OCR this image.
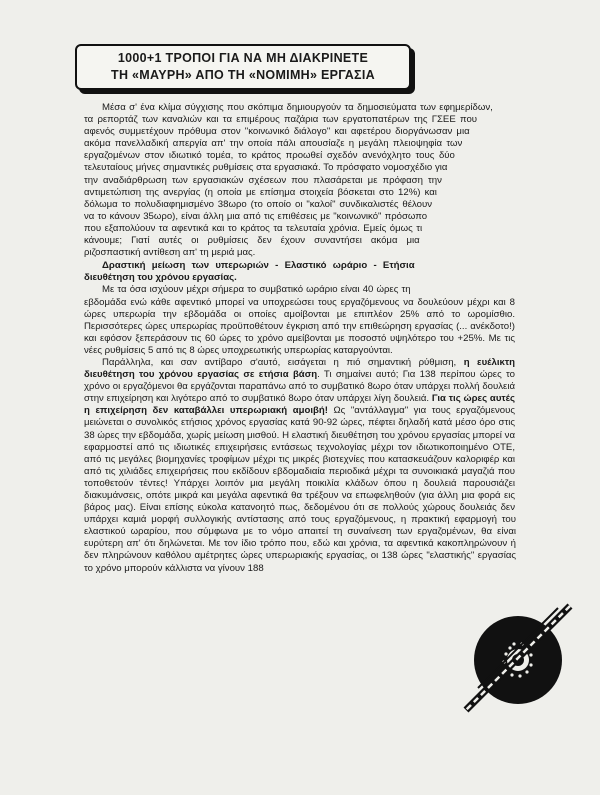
1000+1 ΤΡΟΠΟΙ ΓΙΑ ΝΑ ΜΗ ΔΙΑΚΡΙΝΕΤΕ
ΤΗ «ΜΑΥΡΗ» ΑΠΟ ΤΗ «ΝΟΜΙΜΗ» ΕΡΓΑΣΙΑ

Μέσα σ' ένα κλίμα σύγχισης που σκόπιμα δημιουργούν τα δημοσιεύματα των εφημερίδων, τα ρεπορτάζ των καναλιών και τα επιμέρους παζάρια των εργατοπατέρων της ΓΣΕΕ που αφενός συμμετέχουν πρόθυμα στον "κοινωνικό διάλογο" και αφετέρου διοργάνωσαν μια ακόμα πανελλαδική απεργία απ' την οποία πάλι απουσίαζε η μεγάλη πλειοψηφία των εργαζομένων στον ιδιωτικό τομέα, το κράτος προωθεί σχεδόν ανενόχλητο τους δύο τελευταίους μήνες σημαντικές ρυθμίσεις στα εργασιακά. Το πρόσφατο νομοσχέδιο για την αναδιάρθρωση των εργασιακών σχέσεων που πλασάρεται με πρόφαση την αντιμετώπιση της ανεργίας (η οποία με επίσημα στοιχεία βόσκεται στο 12%) και δόλωμα το πολυδιαφημισμένο 38ωρο (το οποίο οι "καλοί" συνδικαλιστές θέλουν να το κάνουν 35ωρο), είναι άλλη μια από τις επιθέσεις με "κοινωνικό" πρόσωπο που εξαπολύουν τα αφεντικά και το κράτος τα τελευταία χρόνια. Εμείς όμως τι κάνουμε; Γιατί αυτές οι ρυθμίσεις δεν έχουν συναντήσει ακόμα μια ριζοσπαστική αντίθεση απ' τη μεριά μας.

Δραστική μείωση των υπερωριών - Ελαστικό ωράριο - Ετήσια διευθέτηση του χρόνου εργασίας.

Με τα όσα ισχύουν μέχρι σήμερα το συμβατικό ωράριο είναι 40 ώρες τη εβδομάδα ενώ κάθε αφεντικό μπορεί να υποχρεώσει τους εργαζόμενους να δουλεύουν μέχρι και 8 ώρες υπερωρία την εβδομάδα οι οποίες αμοίβονται με επιπλέον 25% από το ωρομίσθιο. Περισσότερες ώρες υπερωρίας προϋποθέτουν έγκριση από την επιθεώρηση εργασίας (... ανέκδοτο!) και εφόσον ξεπεράσουν τις 60 ώρες το χρόνο αμείβονται με ποσοστό υψηλότερο του +25%. Με τις νέες ρυθμίσεις 5 από τις 8 ώρες υποχρεωτικής υπερωρίας καταργούνται.

Παράλληλα, και σαν αντίβαρο σ'αυτό, εισάγεται η πιό σημαντική ρύθμιση, η ευέλικτη διευθέτηση του χρόνου εργασίας σε ετήσια βάση. Τι σημαίνει αυτό; Για 138 περίπου ώρες το χρόνο οι εργαζόμενοι θα εργάζονται παραπάνω από το συμβατικό 8ωρο όταν υπάρχει πολλή δουλειά στην επιχείρηση και λιγότερο από το συμβατικό 8ωρο όταν υπάρχει λίγη δουλειά. Για τις ώρες αυτές η επιχείρηση δεν καταβάλλει υπερωριακή αμοιβή! Ως "αντάλλαγμα" για τους εργαζόμενους μειώνεται ο συνολικός ετήσιος χρόνος εργασίας κατά 90-92 ώρες, πέφτει δηλαδή κατά μέσο όρο στις 38 ώρες την εβδομάδα, χωρίς μείωση μισθού. Η ελαστική διευθέτηση του χρόνου εργασίας μπορεί να εφαρμοστεί από τις ιδιωτικές επιχειρήσεις εντάσεως τεχνολογίας μέχρι τον ιδιωτικοποιημένο ΟΤΕ, από τις μεγάλες βιομηχανίες τροφίμων μέχρι τις μικρές βιοτεχνίες που κατασκευάζουν καλοριφέρ και από τις χιλιάδες επιχειρήσεις που εκδίδουν εβδομαδιαία περιοδικά μέχρι τα συνοικιακά μαγαζιά που τοποθετούν τέντες! Υπάρχει λοιπόν μια μεγάλη ποικιλία κλάδων όπου η δουλειά παρουσιάζει διακυμάνσεις, οπότε μικρά και μεγάλα αφεντικά θα τρέξουν να επωφεληθούν (για άλλη μια φορά εις βάρος μας). Είναι επίσης εύκολα κατανοητό πως, δεδομένου ότι σε πολλούς χώρους δουλειάς δεν υπάρχει καμιά μορφή συλλογικής αντίστασης από τους εργαζόμενους, η πρακτική εφαρμογή του ελαστικού ωραρίου, που σύμφωνα με το νόμο απαιτεί τη συναίνεση των εργαζομένων, θα είναι ευρύτερη απ' ότι δηλώνεται. Με τον ίδιο τρόπο που, εδώ και χρόνια, τα αφεντικά κακοπληρώνουν ή δεν πληρώνουν καθόλου αμέτρητες ώρες υπερωριακής εργασίας, οι 138 ώρες "ελαστικής" εργασίας το χρόνο μπορούν κάλλιστα να γίνουν 188
